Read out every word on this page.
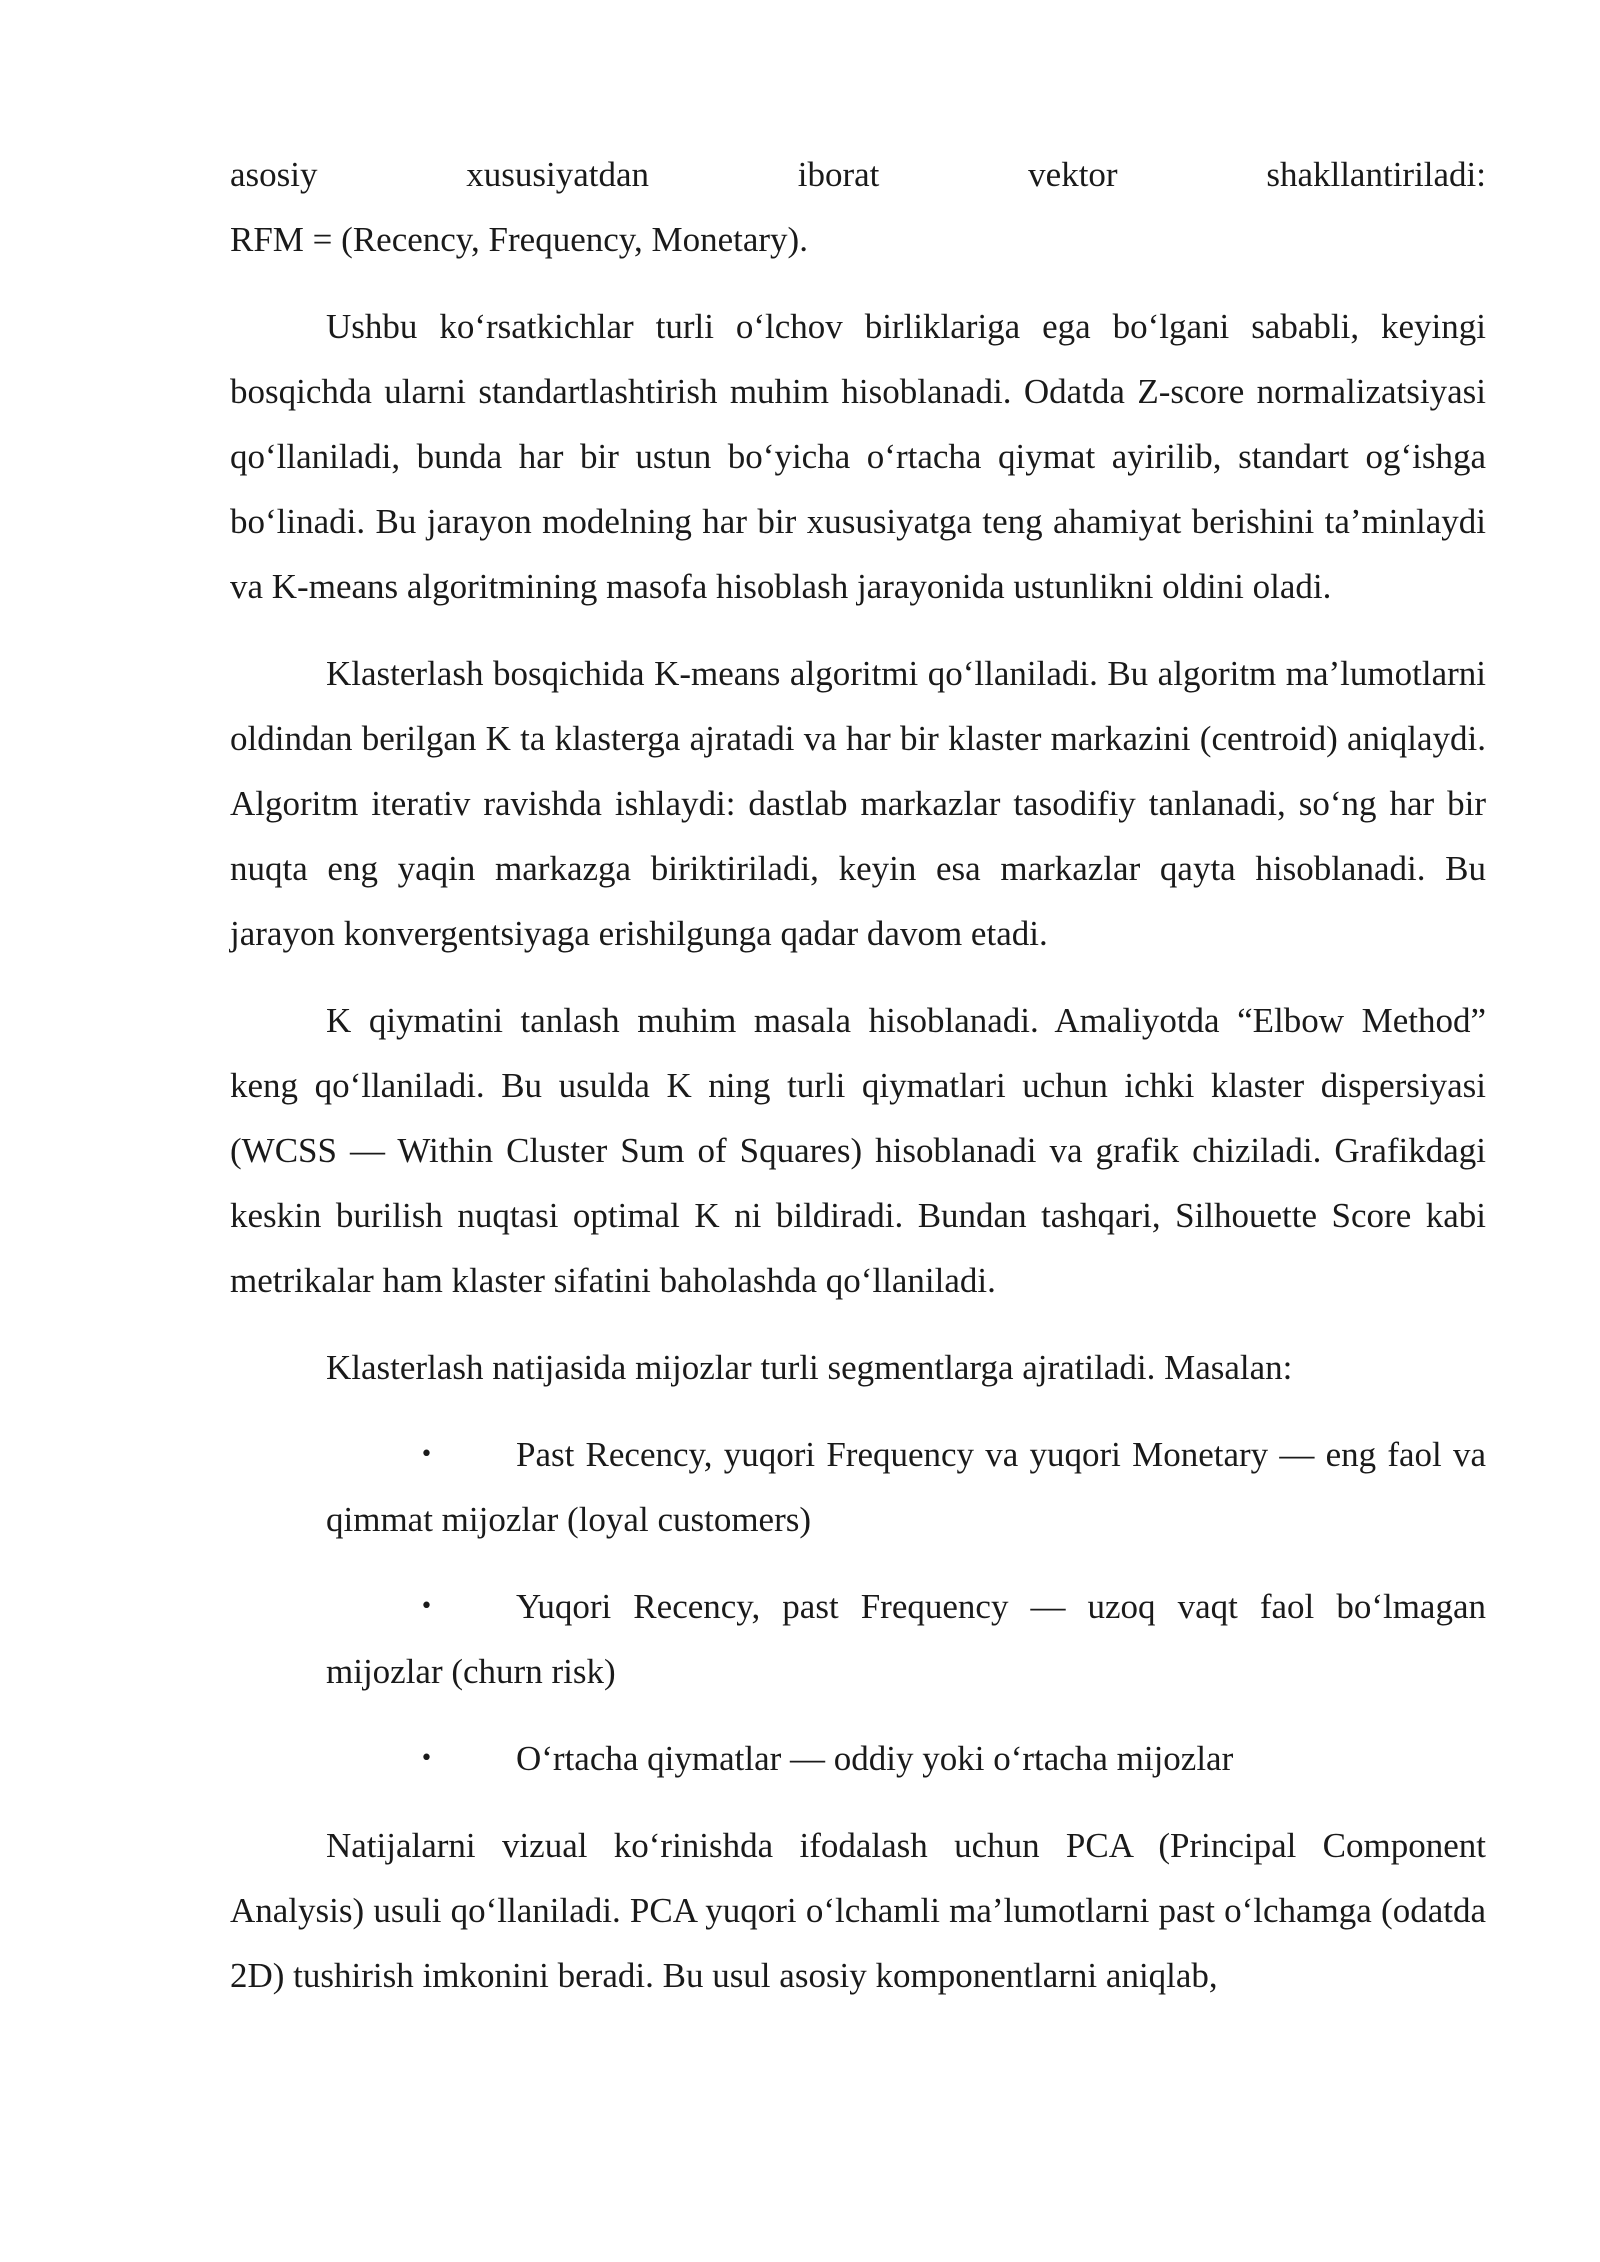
asosiy xususiyatdan iborat vektor shakllantiriladi:

RFM = (Recency, Frequency, Monetary).

Ushbu koʻrsatkichlar turli oʻlchov birliklariga ega boʻlgani sababli, keyingi bosqichda ularni standartlashtirish muhim hisoblanadi. Odatda Z-score normalizatsiyasi qoʻllaniladi, bunda har bir ustun boʻyicha oʻrtacha qiymat ayirilib, standart ogʻishga boʻlinadi. Bu jarayon modelning har bir xususiyatga teng ahamiyat berishini ta’minlaydi va K-means algoritmining masofa hisoblash jarayonida ustunlikni oldini oladi.

Klasterlash bosqichida K-means algoritmi qoʻllaniladi. Bu algoritm ma’lumotlarni oldindan berilgan K ta klasterga ajratadi va har bir klaster markazini (centroid) aniqlaydi. Algoritm iterativ ravishda ishlaydi: dastlab markazlar tasodifiy tanlanadi, soʻng har bir nuqta eng yaqin markazga biriktiriladi, keyin esa markazlar qayta hisoblanadi. Bu jarayon konvergentsiyaga erishilgunga qadar davom etadi.

K qiymatini tanlash muhim masala hisoblanadi. Amaliyotda “Elbow Method” keng qoʻllaniladi. Bu usulda K ning turli qiymatlari uchun ichki klaster dispersiyasi (WCSS — Within Cluster Sum of Squares) hisoblanadi va grafik chiziladi. Grafikdagi keskin burilish nuqtasi optimal K ni bildiradi. Bundan tashqari, Silhouette Score kabi metrikalar ham klaster sifatini baholashda qoʻllaniladi.

Klasterlash natijasida mijozlar turli segmentlarga ajratiladi. Masalan:

•	Past Recency, yuqori Frequency va yuqori Monetary — eng faol va qimmat mijozlar (loyal customers)

•	Yuqori Recency, past Frequency — uzoq vaqt faol boʻlmagan mijozlar (churn risk)

•	Oʻrtacha qiymatlar — oddiy yoki oʻrtacha mijozlar

Natijalarni vizual koʻrinishda ifodalash uchun PCA (Principal Component Analysis) usuli qoʻllaniladi. PCA yuqori oʻlchamli ma’lumotlarni past oʻlchamga (odatda 2D) tushirish imkonini beradi. Bu usul asosiy komponentlarni aniqlab,
